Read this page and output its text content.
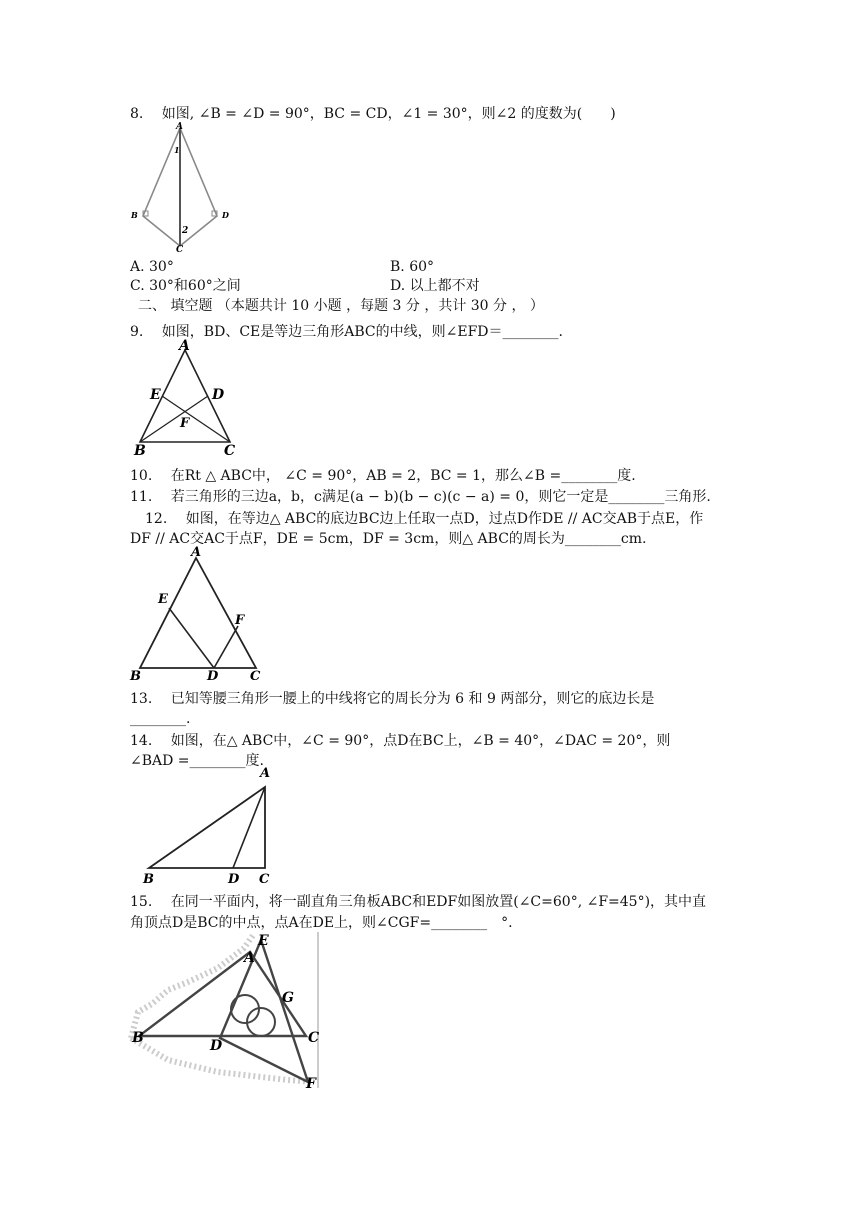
8.　 如图, ∠B = ∠D = 90°，BC = CD，∠1 = 30°，则∠2 的度数为(　　)
A
1
B	D
2
C
A. 30°	B. 60°
C. 30°和60°之间	D. 以上都不对
二、 填空题 （本题共计 10 小题 ，每题 3 分 ，共计 30 分 ， ）
9.　 如图，BD、CE是等边三角形ABC的中线，则∠EFD＝________.
A
E	D
F
B	C
10.　 在Rt △ ABC中， ∠C = 90°，AB = 2，BC = 1，那么∠B =________度.
11.　 若三角形的三边a，b，c满足(a − b)(b − c)(c − a) = 0，则它一定是________三角形.
12.　 如图，在等边△ ABC的底边BC边上任取一点D，过点D作DE // AC交AB于点E，作
DF // AC交AC于点F，DE = 5cm，DF = 3cm，则△ ABC的周长为________cm.
A
E
F
B	D C
13.　 已知等腰三角形一腰上的中线将它的周长分为 6 和 9 两部分，则它的底边长是
________.
14.　 如图，在△ ABC中，∠C = 90°，点D在BC上，∠B = 40°，∠DAC = 20°，则
∠BAD =________度.
A
B	D C
15.　 在同一平面内，将一副直角三角板ABC和EDF如图放置(∠C=60°, ∠F=45°)，其中直
角顶点D是BC的中点，点A在DE上，则∠CGF=________　°.
E
A
G
B	C
D
F
